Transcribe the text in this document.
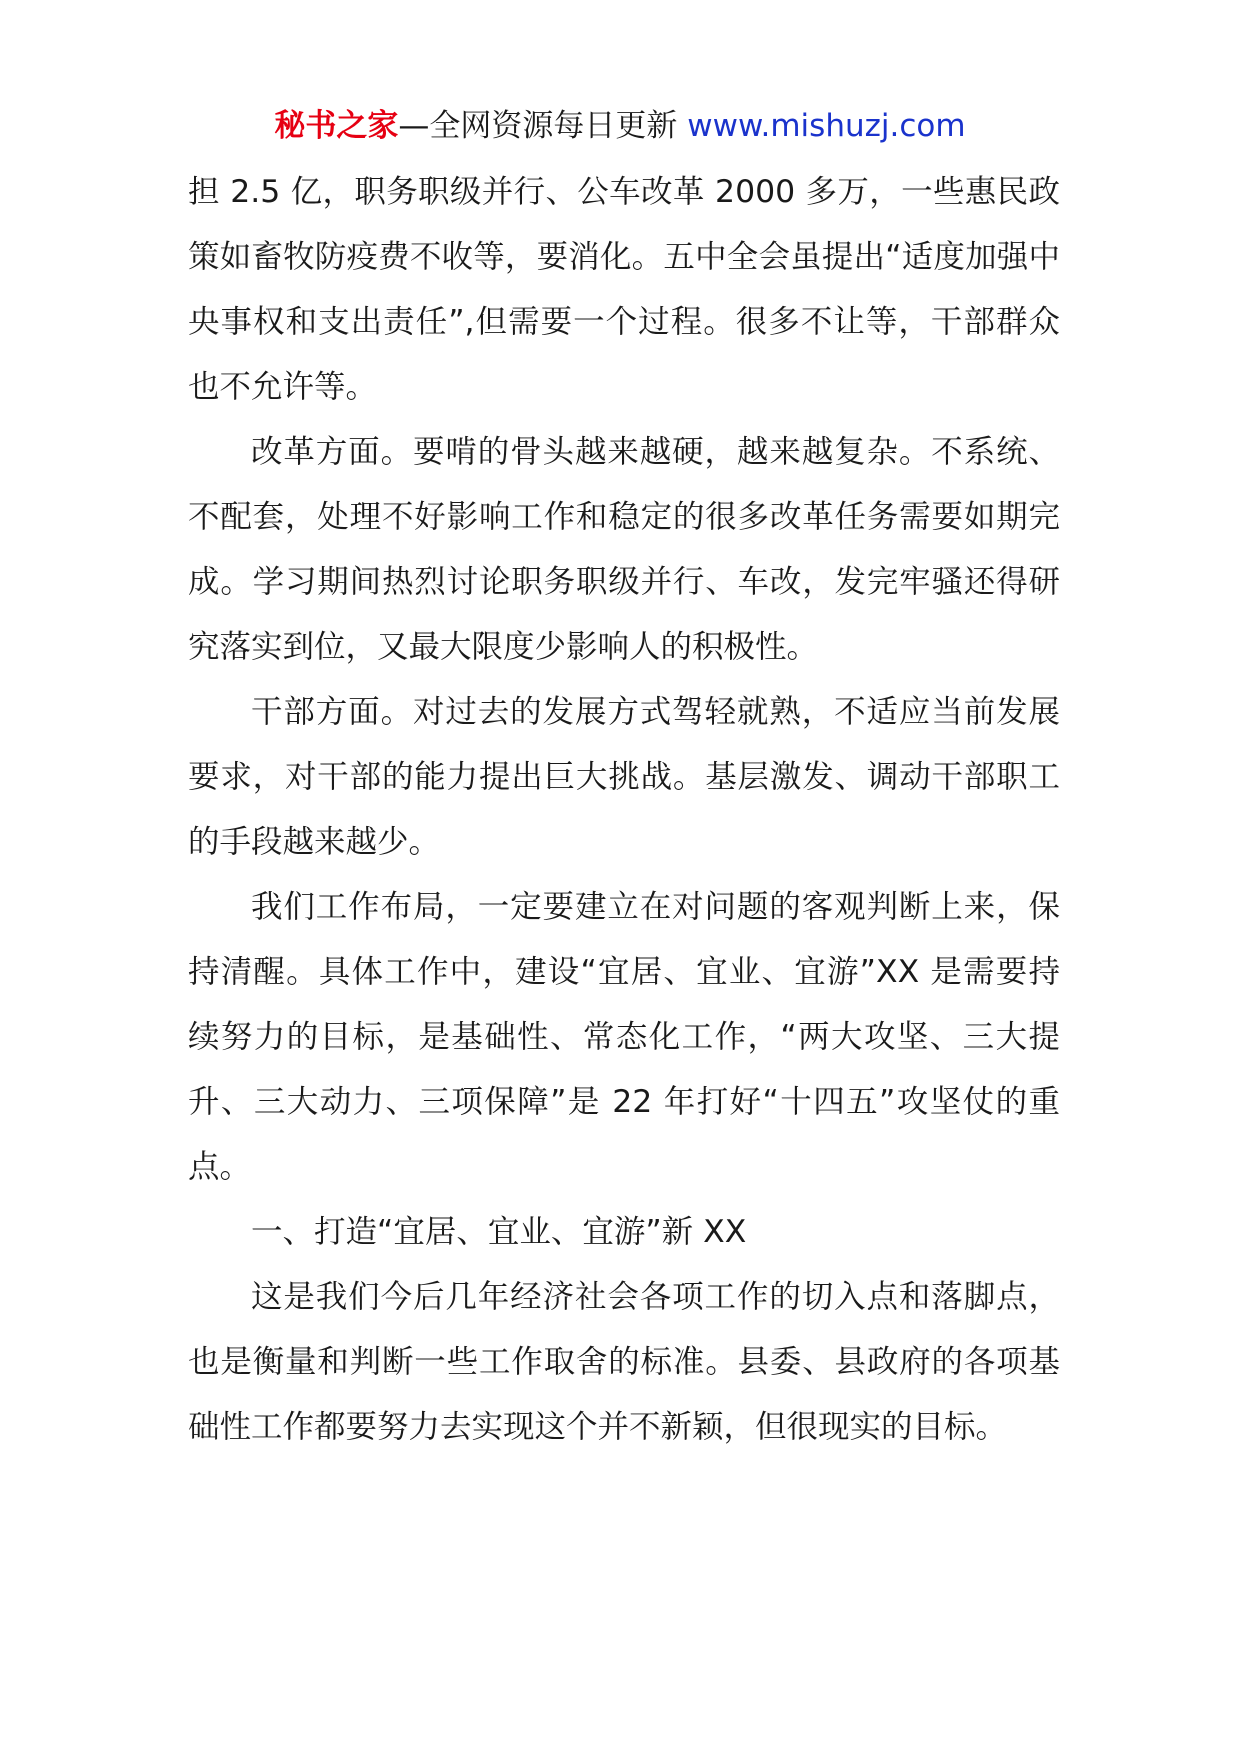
秘书之家—全网资源每日更新 www.mishuzj.com

担 2.5 亿，职务职级并行、公车改革 2000 多万，一些惠民政策如畜牧防疫费不收等，要消化。五中全会虽提出“适度加强中央事权和支出责任”,但需要一个过程。很多不让等，干部群众也不允许等。

改革方面。要啃的骨头越来越硬，越来越复杂。不系统、不配套，处理不好影响工作和稳定的很多改革任务需要如期完成。学习期间热烈讨论职务职级并行、车改，发完牢骚还得研究落实到位，又最大限度少影响人的积极性。

干部方面。对过去的发展方式驾轻就熟，不适应当前发展要求，对干部的能力提出巨大挑战。基层激发、调动干部职工的手段越来越少。

我们工作布局，一定要建立在对问题的客观判断上来，保持清醒。具体工作中，建设“宜居、宜业、宜游”XX 是需要持续努力的目标，是基础性、常态化工作，“两大攻坚、三大提升、三大动力、三项保障”是 22 年打好“十四五”攻坚仗的重点。

一、打造“宜居、宜业、宜游”新 XX

这是我们今后几年经济社会各项工作的切入点和落脚点，也是衡量和判断一些工作取舍的标准。县委、县政府的各项基础性工作都要努力去实现这个并不新颖，但很现实的目标。
